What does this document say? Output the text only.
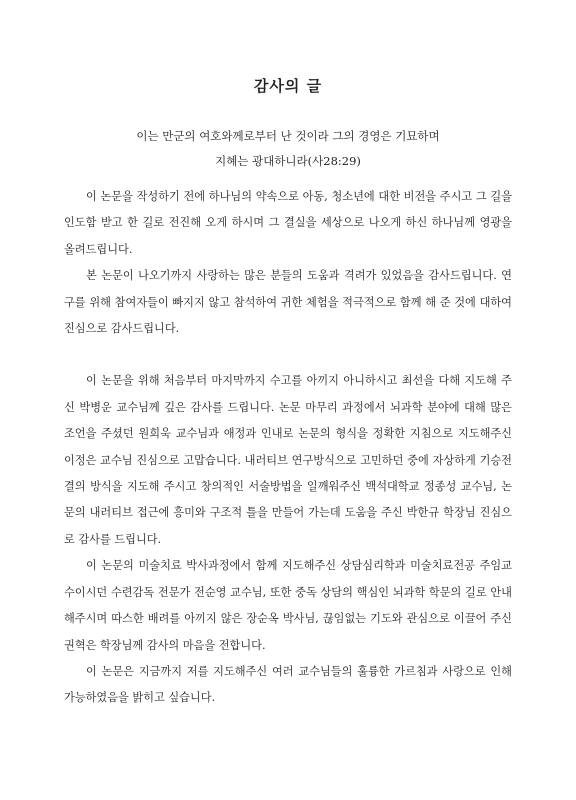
감사의 글
이는 만군의 여호와께로부터 난 것이라 그의 경영은 기묘하며
지혜는 광대하니라(사28:29)

이 논문을 작성하기 전에 하나님의 약속으로 아동, 청소년에 대한 비전을 주시고 그 길을 인도함 받고 한 길로 전진해 오게 하시며 그 결실을 세상으로 나오게 하신 하나님께 영광을 올려드립니다.

본 논문이 나오기까지 사랑하는 많은 분들의 도움과 격려가 있었음을 감사드립니다. 연구를 위해 참여자들이 빠지지 않고 참석하여 귀한 체험을 적극적으로 함께 해 준 것에 대하여 진심으로 감사드립니다.

이 논문을 위해 처음부터 마지막까지 수고를 아끼지 아니하시고 최선을 다해 지도해 주신 박병운 교수님께 깊은 감사를 드립니다. 논문 마무리 과정에서 뇌과학 분야에 대해 많은 조언을 주셨던 원희욱 교수님과 애정과 인내로 논문의 형식을 정확한 지침으로 지도해주신 이정은 교수님 진심으로 고맙습니다. 내러티브 연구방식으로 고민하던 중에 자상하게 기승전결의 방식을 지도해 주시고 창의적인 서술방법을 일깨워주신 백석대학교 정종성 교수님, 논문의 내러티브 접근에 흥미와 구조적 틀을 만들어 가는데 도움을 주신 박한규 학장님 진심으로 감사를 드립니다.

이 논문의 미술치료 박사과정에서 함께 지도해주신 상담심리학과 미술치료전공 주임교수이시던 수련감독 전문가 전순영 교수님, 또한 중독 상담의 핵심인 뇌과학 학문의 길로 안내해주시며 따스한 배려를 아끼지 않은 장순옥 박사님, 끊임없는 기도와 관심으로 이끌어 주신 권혁은 학장님께 감사의 마음을 전합니다.

이 논문은 지금까지 저를 지도해주신 여러 교수님들의 훌륭한 가르침과 사랑으로 인해 가능하였음을 밝히고 싶습니다.
